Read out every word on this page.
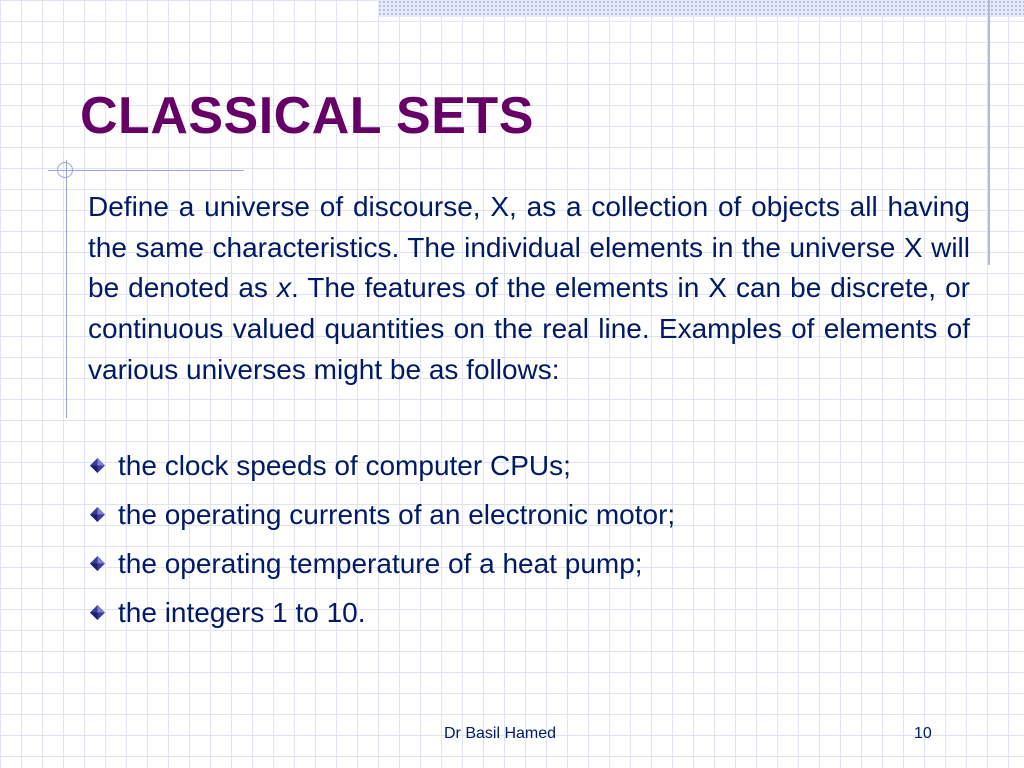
CLASSICAL SETS

Define a universe of discourse, X, as a collection of objects all having the same characteristics. The individual elements in the universe X will be denoted as x. The features of the elements in X can be discrete, or continuous valued quantities on the real line. Examples of elements of various universes might be as follows:

the clock speeds of computer CPUs;
the operating currents of an electronic motor;
the operating temperature of a heat pump;
the integers 1 to 10.
Dr Basil Hamed	10
